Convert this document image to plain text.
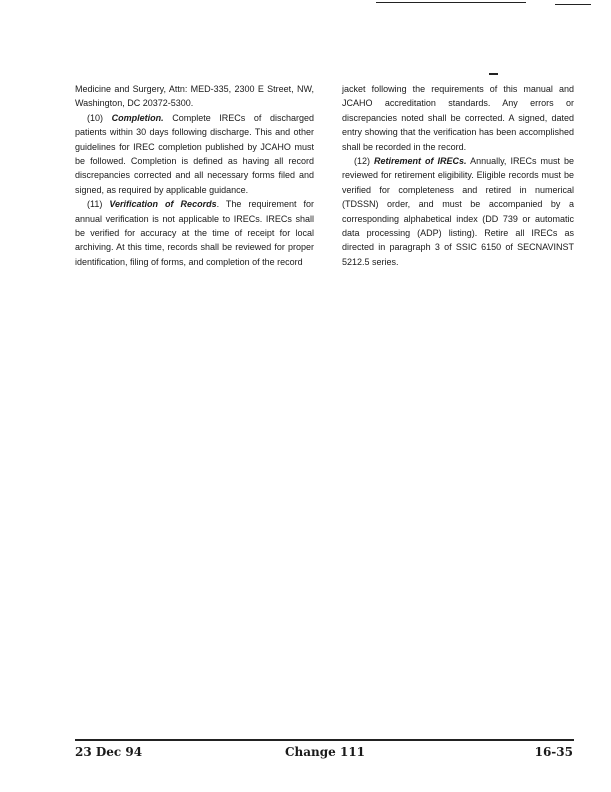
Medicine and Surgery, Attn: MED-335, 2300 E Street, NW, Washington, DC 20372-5300.

(10) Completion. Complete IRECs of discharged patients within 30 days following discharge. This and other guidelines for IREC completion published by JCAHO must be followed. Completion is defined as having all record discrepancies corrected and all necessary forms filed and signed, as required by applicable guidance.

(11) Verification of Records. The requirement for annual verification is not applicable to IRECs. IRECs shall be verified for accuracy at the time of receipt for local archiving. At this time, records shall be reviewed for proper identification, filing of forms, and completion of the record

jacket following the requirements of this manual and JCAHO accreditation standards. Any errors or discrepancies noted shall be corrected. A signed, dated entry showing that the verification has been accomplished shall be recorded in the record.

(12) Retirement of IRECs. Annually, IRECs must be reviewed for retirement eligibility. Eligible records must be verified for completeness and retired in numerical (TDSSN) order, and must be accompanied by a corresponding alphabetical index (DD 739 or automatic data processing (ADP) listing). Retire all IRECs as directed in paragraph 3 of SSIC 6150 of SECNAVINST 5212.5 series.

23 Dec 94	Change 111	16-35
